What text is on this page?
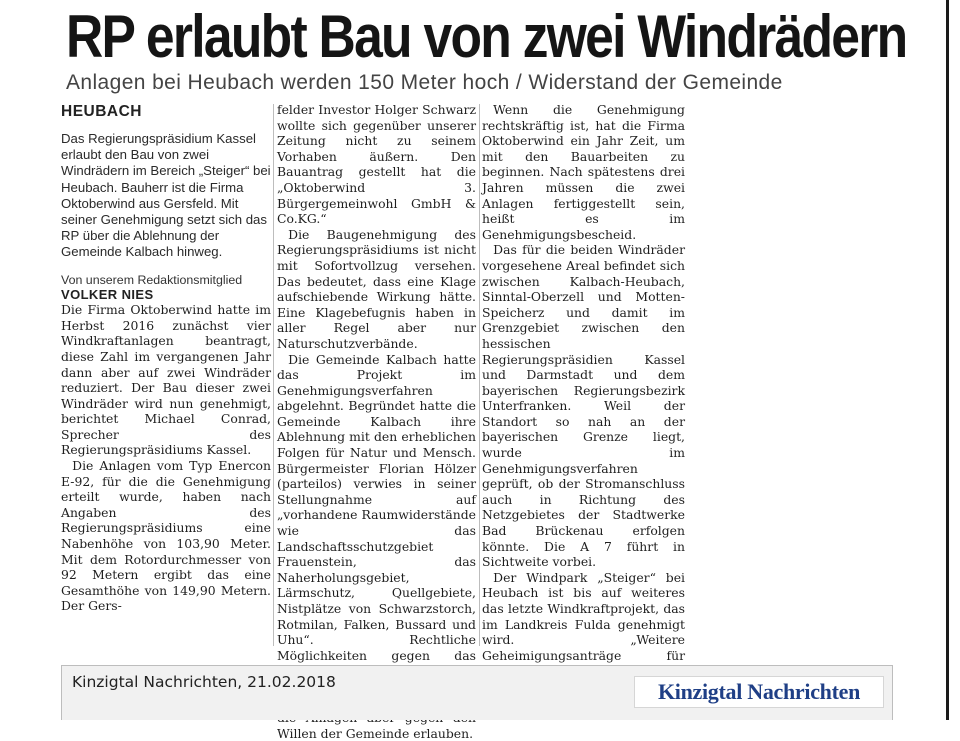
RP erlaubt Bau von zwei Windrädern
Anlagen bei Heubach werden 150 Meter hoch / Widerstand der Gemeinde
HEUBACH
Das Regierungspräsidium Kassel erlaubt den Bau von zwei Windrädern im Bereich „Steiger“ bei Heubach. Bauherr ist die Firma Oktoberwind aus Gersfeld. Mit seiner Genehmigung setzt sich das RP über die Ablehnung der Gemeinde Kalbach hinweg.
Von unserem Redaktionsmitglied
VOLKER NIES

Die Firma Oktoberwind hatte im Herbst 2016 zunächst vier Windkraftanlagen beantragt, diese Zahl im vergangenen Jahr dann aber auf zwei Windräder reduziert. Der Bau dieser zwei Windräder wird nun genehmigt, berichtet Michael Conrad, Sprecher des Regierungspräsidiums Kassel.

Die Anlagen vom Typ Enercon E-92, für die die Genehmigung erteilt wurde, haben nach Angaben des Regierungspräsidiums eine Nabenhöhe von 103,90 Meter. Mit dem Rotordurchmesser von 92 Metern ergibt das eine Gesamthöhe von 149,90 Metern. Der Gers-

felder Investor Holger Schwarz wollte sich gegenüber unserer Zeitung nicht zu seinem Vorhaben äußern. Den Bauantrag gestellt hat die „Oktoberwind 3. Bürgergemeinwohl GmbH & Co.KG.“

Die Baugenehmigung des Regierungspräsidiums ist nicht mit Sofortvollzug versehen. Das bedeutet, dass eine Klage aufschiebende Wirkung hätte. Eine Klagebefugnis haben in aller Regel aber nur Naturschutzverbände.

Die Gemeinde Kalbach hatte das Projekt im Genehmigungsverfahren abgelehnt. Begründet hatte die Gemeinde Kalbach ihre Ablehnung mit den erheblichen Folgen für Natur und Mensch. Bürgermeister Florian Hölzer (parteilos) verwies in seiner Stellungnahme auf „vorhandene Raumwiderstände wie das Landschaftsschutzgebiet Frauenstein, das Naherholungsgebiet, Lärmschutz, Quellgebiete, Nistplätze von Schwarzstorch, Rotmilan, Falken, Bussard und Uhu“. Rechtliche Möglichkeiten gegen das Willen der Gemeinde erlauben.

Wenn die Genehmigung rechtskräftig ist, hat die Firma Oktoberwind ein Jahr Zeit, um mit den Bauarbeiten zu beginnen. Nach spätestens drei Jahren müssen die zwei Anlagen fertiggestellt sein, heißt es im Genehmigungsbescheid.

Das für die beiden Windräder vorgesehene Areal befindet sich zwischen Kalbach-Heubach, Sinntal-Oberzell und Motten-Speicherz und damit im Grenzgebiet zwischen den hessischen Regierungspräsidien Kassel und Darmstadt und dem bayerischen Regierungsbezirk Unterfranken. Weil der Standort so nah an der bayerischen Grenze liegt, wurde im Genehmigungsverfahren geprüft, ob der Stromanschluss auch in Richtung des Netzgebietes der Stadtwerke Bad Brückenau erfolgen könnte. Die A 7 führt in Sichtweite vorbei.

Der Windpark „Steiger“ bei Heubach ist bis auf weiteres das letzte Windkraftprojekt, das im Landkreis Fulda genehmigt wird. „Weitere Geheimigungsanträge für

Kinzigtal Nachrichten, 21.02.2018	Kinzigtal Nachrichten
